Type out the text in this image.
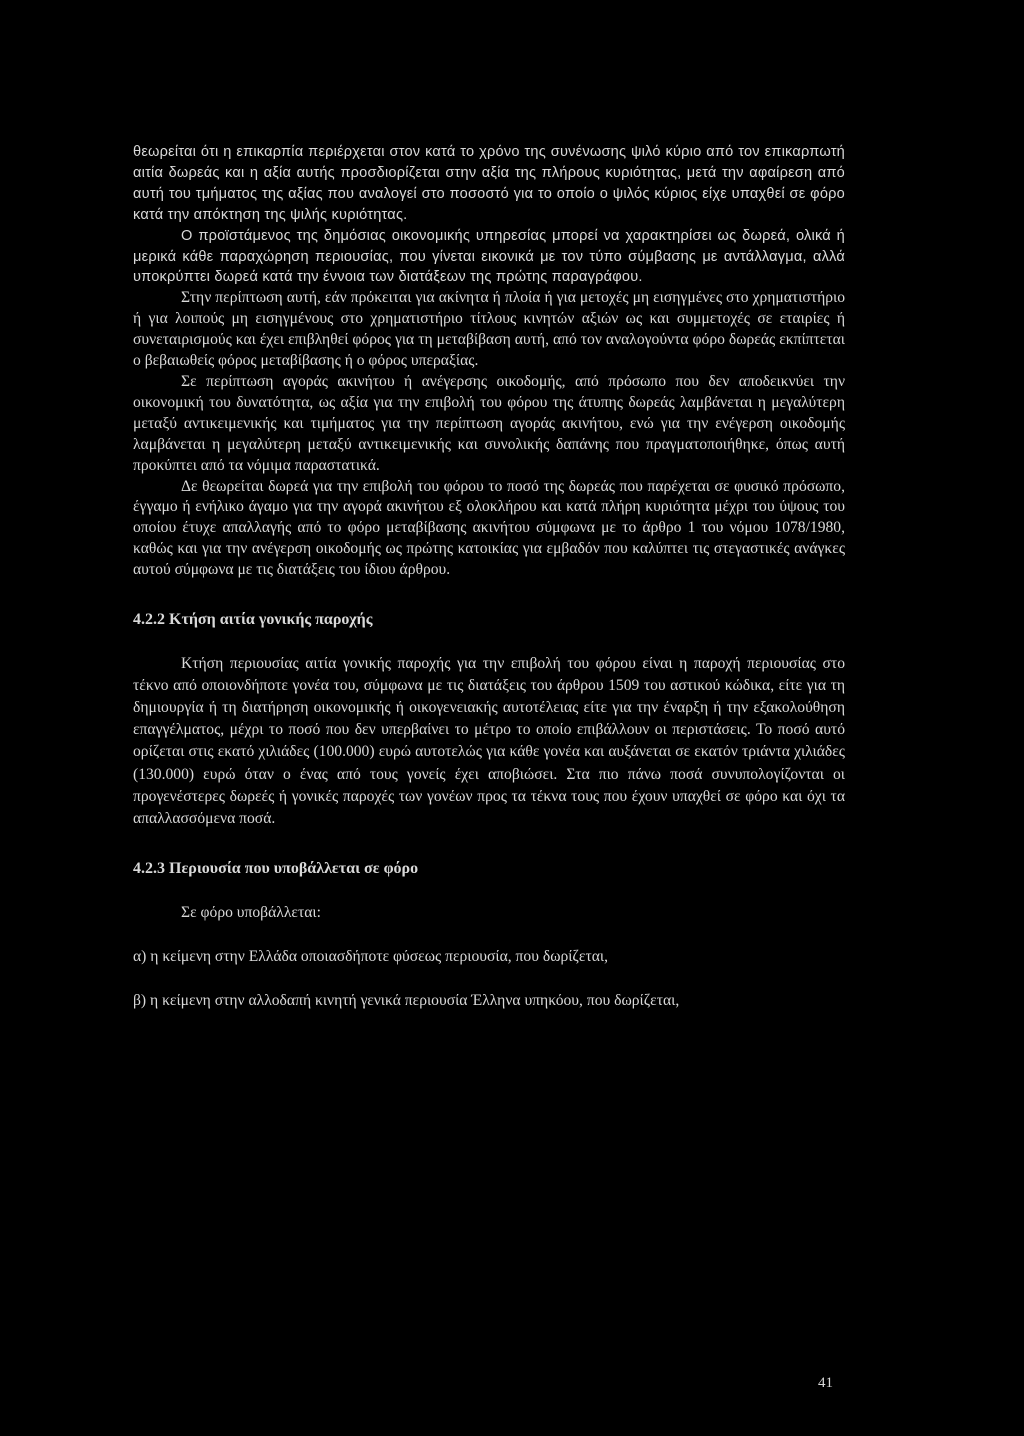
θεωρείται ότι η επικαρπία περιέρχεται στον κατά το χρόνο της συνένωσης ψιλό κύριο από τον επικαρπωτή αιτία δωρεάς και η αξία αυτής προσδιορίζεται στην αξία της πλήρους κυριότητας, μετά την αφαίρεση από αυτή του τμήματος της αξίας που αναλογεί στο ποσοστό για το οποίο ο ψιλός κύριος είχε υπαχθεί σε φόρο κατά την απόκτηση της ψιλής κυριότητας.

Ο προϊστάμενος της δημόσιας οικονομικής υπηρεσίας μπορεί να χαρακτηρίσει ως δωρεά, ολικά ή μερικά κάθε παραχώρηση περιουσίας, που γίνεται εικονικά με τον τύπο σύμβασης με αντάλλαγμα, αλλά υποκρύπτει δωρεά κατά την έννοια των διατάξεων της πρώτης παραγράφου.

Στην περίπτωση αυτή, εάν πρόκειται για ακίνητα ή πλοία ή για μετοχές μη εισηγμένες στο χρηματιστήριο ή για λοιπούς μη εισηγμένους στο χρηματιστήριο τίτλους κινητών αξιών ως και συμμετοχές σε εταιρίες ή συνεταιρισμούς και έχει επιβληθεί φόρος για τη μεταβίβαση αυτή, από τον αναλογούντα φόρο δωρεάς εκπίπτεται ο βεβαιωθείς φόρος μεταβίβασης ή ο φόρος υπεραξίας.

Σε περίπτωση αγοράς ακινήτου ή ανέγερσης οικοδομής, από πρόσωπο που δεν αποδεικνύει την οικονομική του δυνατότητα, ως αξία για την επιβολή του φόρου της άτυπης δωρεάς λαμβάνεται η μεγαλύτερη μεταξύ αντικειμενικής και τιμήματος για την περίπτωση αγοράς ακινήτου, ενώ για την ενέγερση οικοδομής λαμβάνεται η μεγαλύτερη μεταξύ αντικειμενικής και συνολικής δαπάνης που πραγματοποιήθηκε, όπως αυτή προκύπτει από τα νόμιμα παραστατικά.

Δε θεωρείται δωρεά για την επιβολή του φόρου το ποσό της δωρεάς που παρέχεται σε φυσικό πρόσωπο, έγγαμο ή ενήλικο άγαμο για την αγορά ακινήτου εξ ολοκλήρου και κατά πλήρη κυριότητα μέχρι του ύψους του οποίου έτυχε απαλλαγής από το φόρο μεταβίβασης ακινήτου σύμφωνα με το άρθρο 1 του νόμου 1078/1980, καθώς και για την ανέγερση οικοδομής ως πρώτης κατοικίας για εμβαδόν που καλύπτει τις στεγαστικές ανάγκες αυτού σύμφωνα με τις διατάξεις του ίδιου άρθρου.

4.2.2 Κτήση αιτία γονικής παροχής

Κτήση περιουσίας αιτία γονικής παροχής για την επιβολή του φόρου είναι η παροχή περιουσίας στο τέκνο από οποιονδήποτε γονέα του, σύμφωνα με τις διατάξεις του άρθρου 1509 του αστικού κώδικα, είτε για τη δημιουργία ή τη διατήρηση οικονομικής ή οικογενειακής αυτοτέλειας είτε για την έναρξη ή την εξακολούθηση επαγγέλματος, μέχρι το ποσό που δεν υπερβαίνει το μέτρο το οποίο επιβάλλουν οι περιστάσεις. Το ποσό αυτό ορίζεται στις εκατό χιλιάδες (100.000) ευρώ αυτοτελώς για κάθε γονέα και αυξάνεται σε εκατόν τριάντα χιλιάδες (130.000) ευρώ όταν ο ένας από τους γονείς έχει αποβιώσει. Στα πιο πάνω ποσά συνυπολογίζονται οι προγενέστερες δωρεές ή γονικές παροχές των γονέων προς τα τέκνα τους που έχουν υπαχθεί σε φόρο και όχι τα απαλλασσόμενα ποσά.

4.2.3 Περιουσία που υποβάλλεται σε φόρο

Σε φόρο υποβάλλεται:

α) η κείμενη στην Ελλάδα οποιασδήποτε φύσεως περιουσία, που δωρίζεται,

β) η κείμενη στην αλλοδαπή κινητή γενικά περιουσία Έλληνα υπηκόου, που δωρίζεται,

41
